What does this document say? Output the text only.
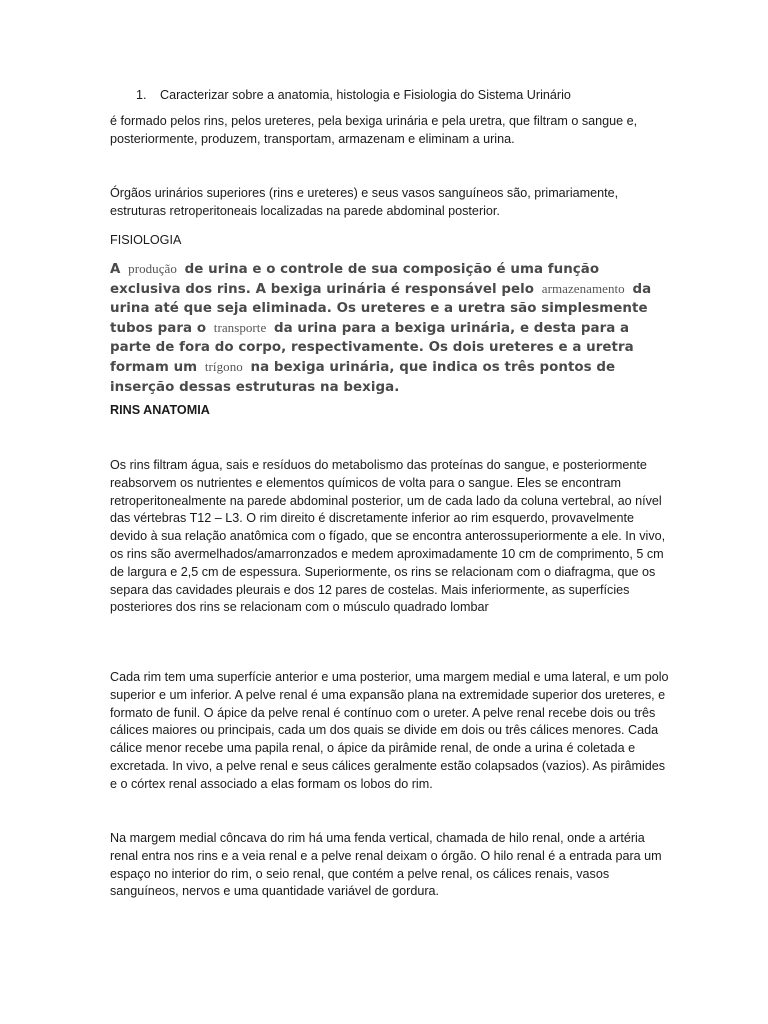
1. Caracterizar sobre a anatomia, histologia e Fisiologia do Sistema Urinário

é formado pelos rins, pelos ureteres, pela bexiga urinária e pela uretra, que filtram o sangue e, posteriormente, produzem, transportam, armazenam e eliminam a urina.

Órgãos urinários superiores (rins e ureteres) e seus vasos sanguíneos são, primariamente, estruturas retroperitoneais localizadas na parede abdominal posterior.

FISIOLOGIA

A produção de urina e o controle de sua composição é uma função exclusiva dos rins. A bexiga urinária é responsável pelo armazenamento da urina até que seja eliminada. Os ureteres e a uretra são simplesmente tubos para o transporte da urina para a bexiga urinária, e desta para a parte de fora do corpo, respectivamente. Os dois ureteres e a uretra formam um trígono na bexiga urinária, que indica os três pontos de inserção dessas estruturas na bexiga.

RINS ANATOMIA

Os rins filtram água, sais e resíduos do metabolismo das proteínas do sangue, e posteriormente reabsorvem os nutrientes e elementos químicos de volta para o sangue. Eles se encontram retroperitonealmente na parede abdominal posterior, um de cada lado da coluna vertebral, ao nível das vértebras T12 – L3. O rim direito é discretamente inferior ao rim esquerdo, provavelmente devido à sua relação anatômica com o fígado, que se encontra anterossuperiormente a ele. In vivo, os rins são avermelhados/amarronzados e medem aproximadamente 10 cm de comprimento, 5 cm de largura e 2,5 cm de espessura. Superiormente, os rins se relacionam com o diafragma, que os separa das cavidades pleurais e dos 12 pares de costelas. Mais inferiormente, as superfícies posteriores dos rins se relacionam com o músculo quadrado lombar

Cada rim tem uma superfície anterior e uma posterior, uma margem medial e uma lateral, e um polo superior e um inferior. A pelve renal é uma expansão plana na extremidade superior dos ureteres, e formato de funil. O ápice da pelve renal é contínuo com o ureter. A pelve renal recebe dois ou três cálices maiores ou principais, cada um dos quais se divide em dois ou três cálices menores. Cada cálice menor recebe uma papila renal, o ápice da pirâmide renal, de onde a urina é coletada e excretada. In vivo, a pelve renal e seus cálices geralmente estão colapsados (vazios). As pirâmides e o córtex renal associado a elas formam os lobos do rim.

Na margem medial côncava do rim há uma fenda vertical, chamada de hilo renal, onde a artéria renal entra nos rins e a veia renal e a pelve renal deixam o órgão. O hilo renal é a entrada para um espaço no interior do rim, o seio renal, que contém a pelve renal, os cálices renais, vasos sanguíneos, nervos e uma quantidade variável de gordura.
